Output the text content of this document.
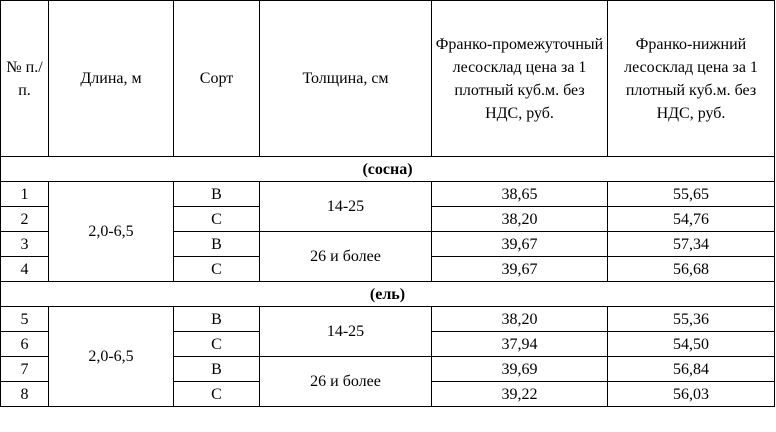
№ п./п.	Длина, м	Сорт	Толщина, см	Франко-промежуточный лесосклад цена за 1 плотный куб.м. без НДС, руб.	Франко-нижний лесосклад цена за 1 плотный куб.м. без НДС, руб.
(сосна)					
1	2,0-6,5	В	14-25	38,65	55,65
2		С		38,20	54,76
3		В	26 и более	39,67	57,34
4		С		39,67	56,68
(ель)					
5	2,0-6,5	В	14-25	38,20	55,36
6		С		37,94	54,50
7		В	26 и более	39,69	56,84
8		С		39,22	56,03
